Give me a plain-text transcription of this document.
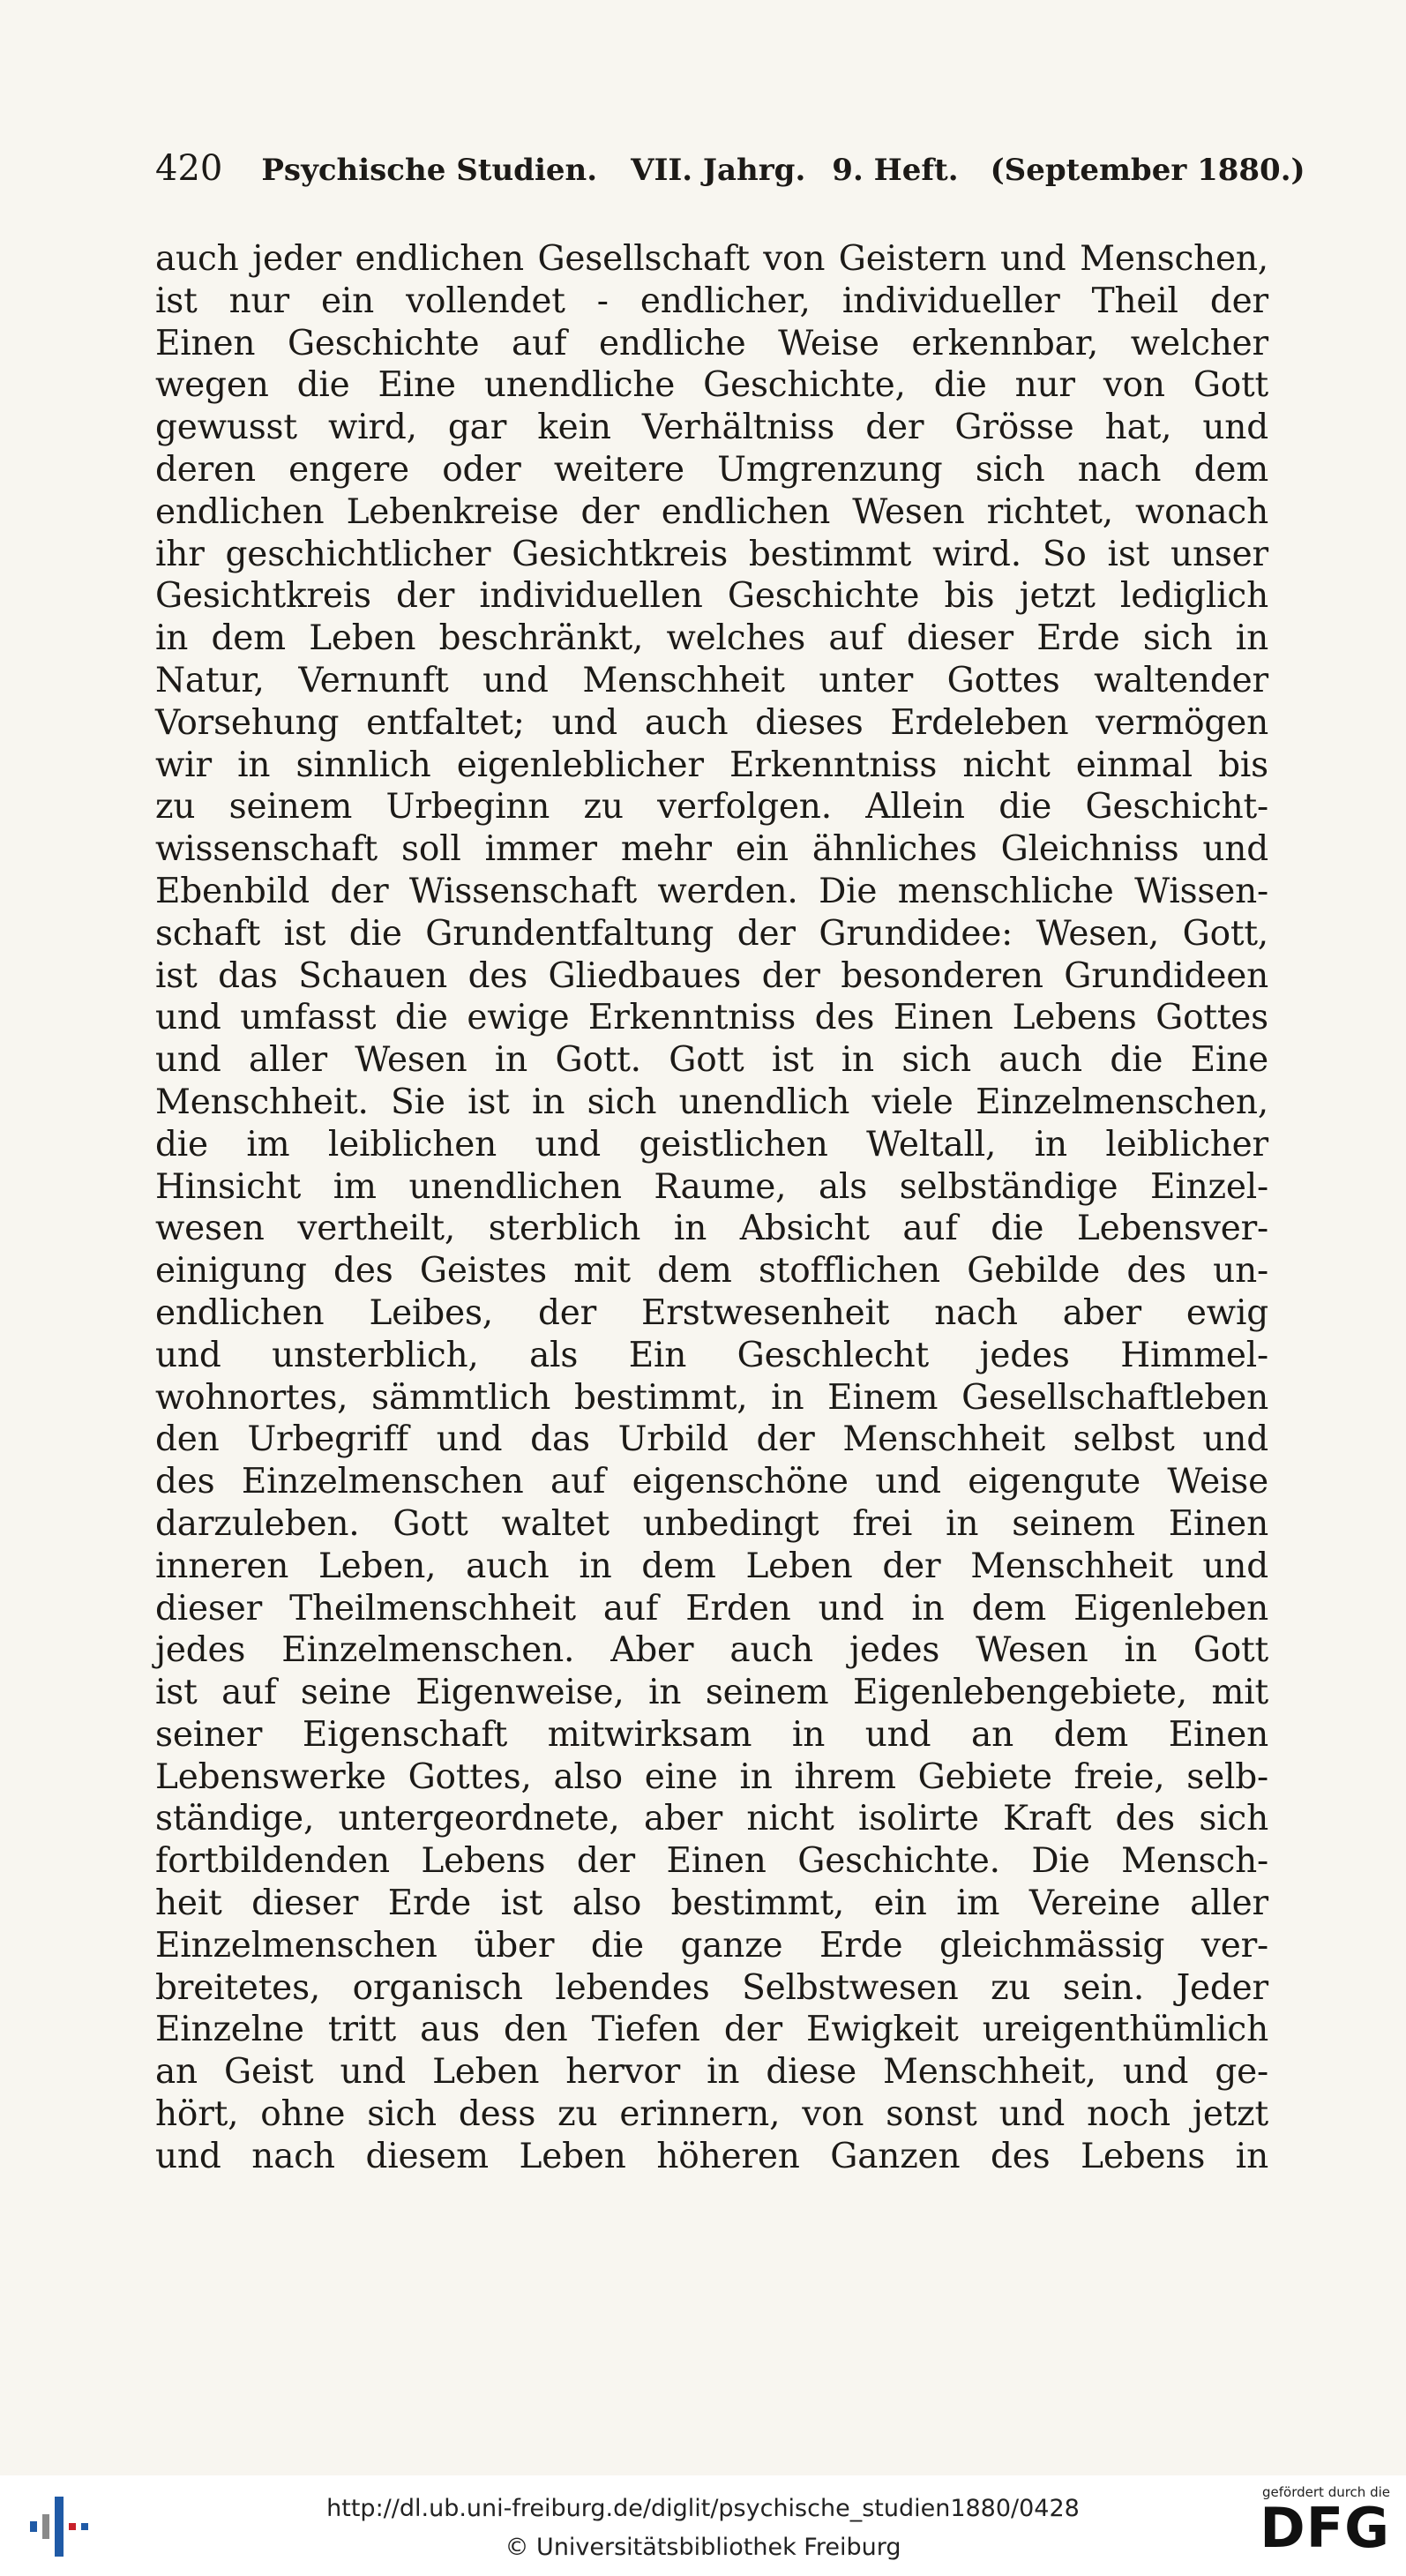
420 Psychische Studien. VII. Jahrg. 9. Heft. (September 1880.)
auch jeder endlichen Gesellschaft von Geistern und Menschen,
ist nur ein vollendet - endlicher, individueller Theil der
Einen Geschichte auf endliche Weise erkennbar, welcher
wegen die Eine unendliche Geschichte, die nur von Gott
gewusst wird, gar kein Verhältniss der Grösse hat, und
deren engere oder weitere Umgrenzung sich nach dem
endlichen Lebenkreise der endlichen Wesen richtet, wonach
ihr geschichtlicher Gesichtkreis bestimmt wird. So ist unser
Gesichtkreis der individuellen Geschichte bis jetzt lediglich
in dem Leben beschränkt, welches auf dieser Erde sich in
Natur, Vernunft und Menschheit unter Gottes waltender
Vorsehung entfaltet; und auch dieses Erdeleben vermögen
wir in sinnlich eigenleblicher Erkenntniss nicht einmal bis
zu seinem Urbeginn zu verfolgen. Allein die Geschicht-
wissenschaft soll immer mehr ein ähnliches Gleichniss und
Ebenbild der Wissenschaft werden. Die menschliche Wissen-
schaft ist die Grundentfaltung der Grundidee: Wesen, Gott,
ist das Schauen des Gliedbaues der besonderen Grundideen
und umfasst die ewige Erkenntniss des Einen Lebens Gottes
und aller Wesen in Gott. Gott ist in sich auch die Eine
Menschheit. Sie ist in sich unendlich viele Einzelmenschen,
die im leiblichen und geistlichen Weltall, in leiblicher
Hinsicht im unendlichen Raume, als selbständige Einzel-
wesen vertheilt, sterblich in Absicht auf die Lebensver-
einigung des Geistes mit dem stofflichen Gebilde des un-
endlichen Leibes, der Erstwesenheit nach aber ewig
und unsterblich, als Ein Geschlecht jedes Himmel-
wohnortes, sämmtlich bestimmt, in Einem Gesellschaftleben
den Urbegriff und das Urbild der Menschheit selbst und
des Einzelmenschen auf eigenschöne und eigengute Weise
darzuleben. Gott waltet unbedingt frei in seinem Einen
inneren Leben, auch in dem Leben der Menschheit und
dieser Theilmenschheit auf Erden und in dem Eigenleben
jedes Einzelmenschen. Aber auch jedes Wesen in Gott
ist auf seine Eigenweise, in seinem Eigenlebengebiete, mit
seiner Eigenschaft mitwirksam in und an dem Einen
Lebenswerke Gottes, also eine in ihrem Gebiete freie, selb-
ständige, untergeordnete, aber nicht isolirte Kraft des sich
fortbildenden Lebens der Einen Geschichte. Die Mensch-
heit dieser Erde ist also bestimmt, ein im Vereine aller
Einzelmenschen über die ganze Erde gleichmässig ver-
breitetes, organisch lebendes Selbstwesen zu sein. Jeder
Einzelne tritt aus den Tiefen der Ewigkeit ureigenthümlich
an Geist und Leben hervor in diese Menschheit, und ge-
hört, ohne sich dess zu erinnern, von sonst und noch jetzt
und nach diesem Leben höheren Ganzen des Lebens in
http://dl.ub.uni-freiburg.de/diglit/psychische_studien1880/0428
© Universitätsbibliothek Freiburg
gefördert durch die
DFG
